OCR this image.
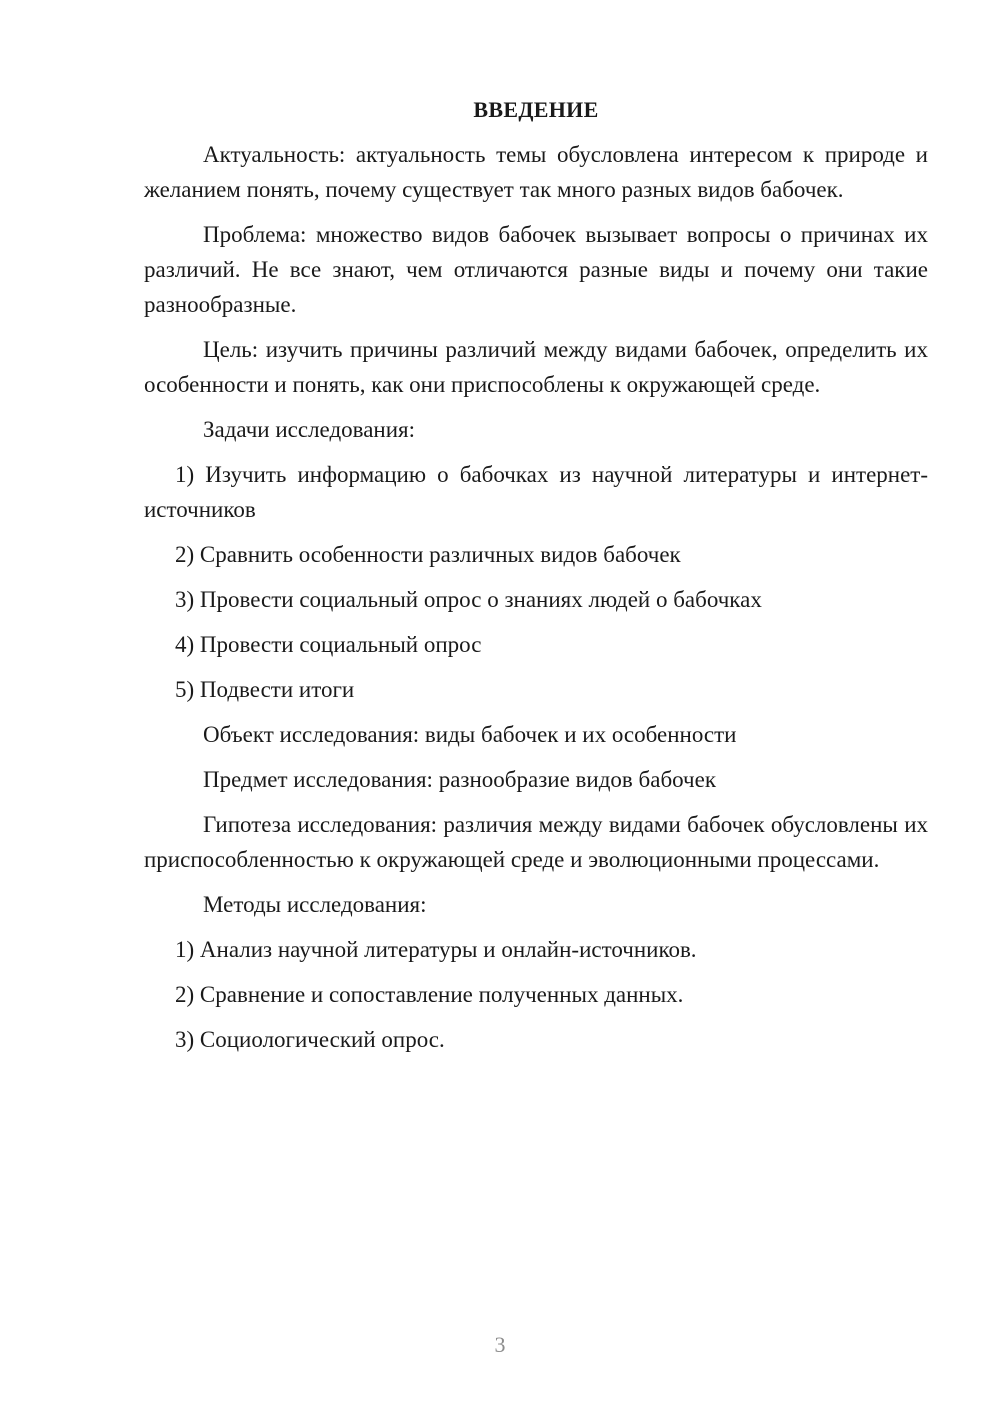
ВВЕДЕНИЕ

Актуальность: актуальность темы обусловлена интересом к природе и желанием понять, почему существует так много разных видов бабочек.

Проблема: множество видов бабочек вызывает вопросы о причинах их различий. Не все знают, чем отличаются разные виды и почему они такие разнообразные.

Цель: изучить причины различий между видами бабочек, определить их особенности и понять, как они приспособлены к окружающей среде.

Задачи исследования:

1) Изучить информацию о бабочках из научной литературы и интернет-источников

2) Сравнить особенности различных видов бабочек

3) Провести социальный опрос о знаниях людей о бабочках

4) Провести социальный опрос

5) Подвести итоги

Объект исследования: виды бабочек и их особенности

Предмет исследования: разнообразие видов бабочек

Гипотеза исследования: различия между видами бабочек обусловлены их приспособленностью к окружающей среде и эволюционными процессами.

Методы исследования:

1) Анализ научной литературы и онлайн-источников.

2) Сравнение и сопоставление полученных данных.

3) Социологический опрос.

3
